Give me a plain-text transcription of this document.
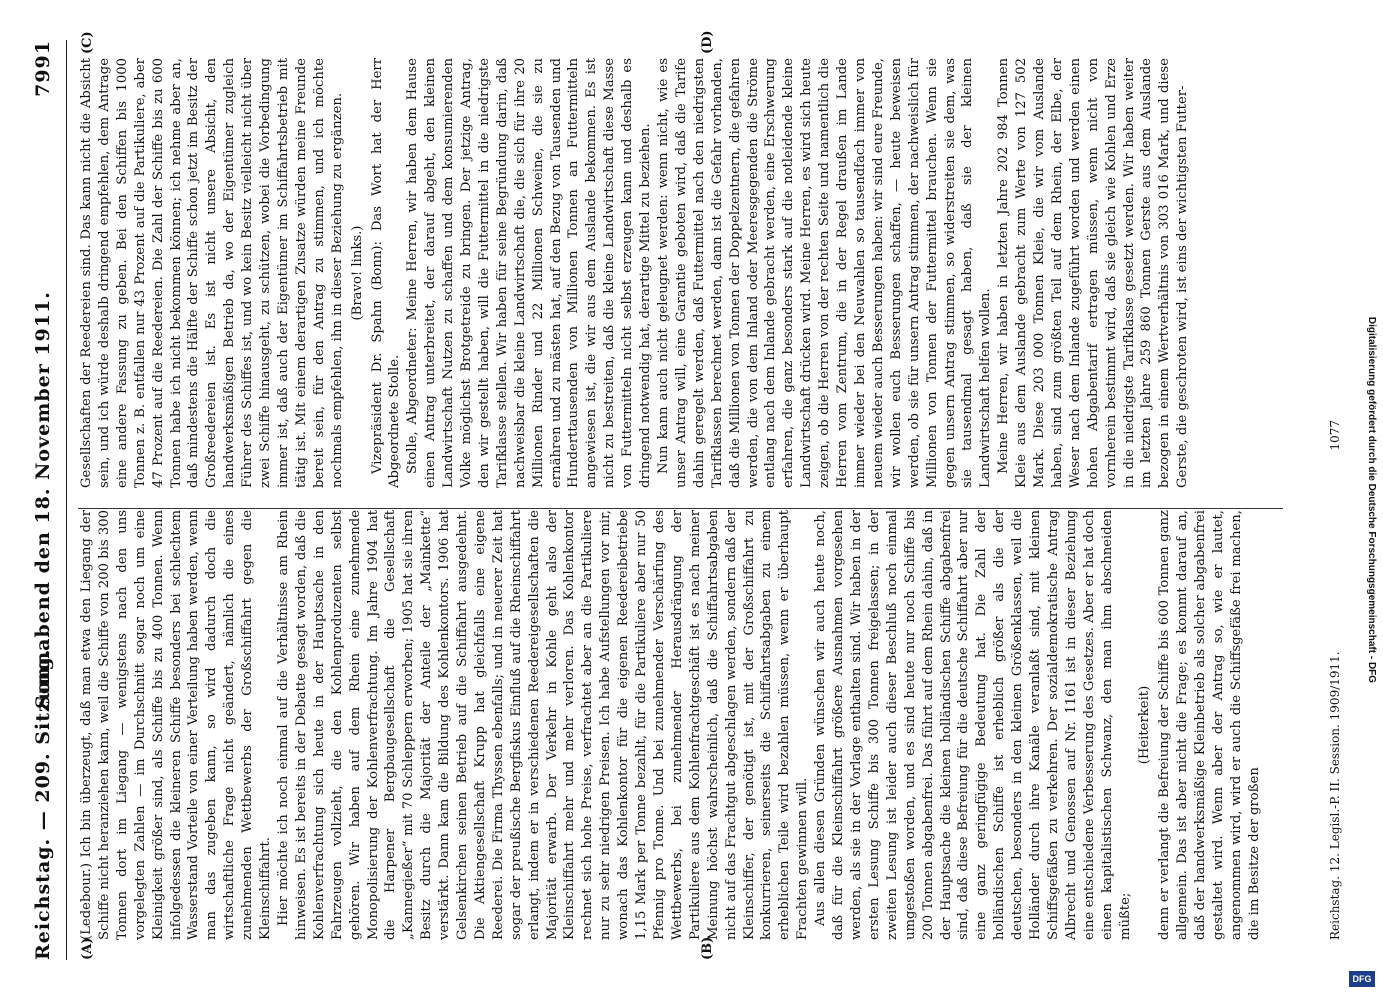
Reichstag. — 209. Sitzung.
Sonnabend den 18. November 1911.
7991
(A)	(B)
(C)	(D)

(Ledebour.) Ich bin überzeugt, daß man etwa den Liegang der Schiffe nicht heranziehen kann, weil die Schiffe von 200 bis 300 Tonnen dort im Liegang — wenigstens nach den uns vorgelegten Zahlen — im Durchschnitt sogar noch um eine Kleinigkeit größer sind, als Schiffe bis zu 400 Tonnen. Wenn infolgedessen die kleineren Schiffe besonders bei schlechtem Wasserstand Vorteile von einer Verteilung haben werden, wenn man das zugeben kann, so wird dadurch doch die wirtschaftliche Frage nicht geändert, nämlich die eines zunehmenden Wettbewerbs der Großschiffahrt gegen die Kleinschiffahrt. Hier möchte ich noch einmal auf die Verhältnisse am Rhein hinweisen. Es ist bereits in der Debatte gesagt worden, daß die Kohlenverfrachtung sich heute in der Hauptsache in den Fahrzeugen vollzieht, die den Kohlenproduzenten selbst gehören. Wir haben auf dem Rhein eine zunehmende Monopolisierung der Kohlenverfrachtung. Im Jahre 1904 hat die Harpener Bergbaugesellschaft die Gesellschaft „Kannegießer“ mit 70 Schleppern erworben; 1905 hat sie ihren Besitz durch die Majorität der Anteile der „Mainkette“ verstärkt. Dann kam die Bildung des Kohlenkontors. 1906 hat Gelsenkirchen seinen Betrieb auf die Schiffahrt ausgedehnt. Die Aktiengesellschaft Krupp hat gleichfalls eine eigene Reederei. Die Firma Thyssen ebenfalls; und in neuerer Zeit hat sogar der preußische Bergfiskus Einfluß auf die Rheinschiffahrt erlangt, indem er in verschiedenen Reedereigesellschaften die Majorität erwarb. Der Verkehr in Kohle geht also der Kleinschiffahrt mehr und mehr verloren. Das Kohlenkontor rechnet sich hohe Preise, verfrachtet aber an die Partikuliere nur zu sehr niedrigen Preisen. Ich habe Aufstellungen vor mir, wonach das Kohlenkontor für die eigenen Reedereibetriebe 1,15 Mark per Tonne bezahlt, für die Partikuliere aber nur 50 Pfennig pro Tonne. Und bei zunehmender Verschärfung des Wettbewerbs, bei zunehmender Herausdrängung der Partikuliere aus dem Kohlenfrachtgeschäft ist es nach meiner Meinung höchst wahrscheinlich, daß die Schiffahrtsabgaben nicht auf das Frachtgut abgeschlagen werden, sondern daß der Kleinschiffer, der genötigt ist, mit der Großschiffahrt zu konkurrieren, seinerseits die Schiffahrtsabgaben zu einem erheblichen Teile wird bezahlen müssen, wenn er überhaupt Frachten gewinnen will. Aus allen diesen Gründen wünschen wir auch heute noch, daß für die Kleinschiffahrt größere Ausnahmen vorgesehen werden, als sie in der Vorlage enthalten sind. Wir haben in der ersten Lesung Schiffe bis 300 Tonnen freigelassen; in der zweiten Lesung ist leider auch dieser Beschluß noch einmal umgestoßen worden, und es sind heute nur noch Schiffe bis 200 Tonnen abgabenfrei. Das führt auf dem Rhein dahin, daß in der Hauptsache die kleinen holländischen Schiffe abgabenfrei sind, daß diese Befreiung für die deutsche Schiffahrt aber nur eine ganz geringfügige Bedeutung hat. Die Zahl der holländischen Schiffe ist erheblich größer als die der deutschen, besonders in den kleinen Größenklassen, weil die Holländer durch ihre Kanäle veranlaßt sind, mit kleinen Schiffsgefäßen zu verkehren. Der sozialdemokratische Antrag Albrecht und Genossen auf Nr. 1161 ist in dieser Beziehung eine entschiedene Verbesserung des Gesetzes. Aber er hat doch einen kapitalistischen Schwanz, den man ihm abschneiden müßte;

(Heiterkeit) denn er verlangt die Befreiung der Schiffe bis 600 Tonnen ganz allgemein. Das ist aber nicht die Frage; es kommt darauf an, daß der handwerksmäßige Kleinbetrieb als solcher abgabenfrei gestaltet wird. Wenn aber der Antrag so, wie er lautet, angenommen wird, wird er auch die Schiffsgefäße frei machen, die im Besitze der großen

Gesellschaften der Reedereien sind. Das kann nicht die Absicht sein, und ich würde deshalb dringend empfehlen, dem Antrage eine andere Fassung zu geben. Bei den Schiffen bis 1000 Tonnen z. B. entfallen nur 43 Prozent auf die Partikuliere, aber 47 Prozent auf die Reedereien. Die Zahl der Schiffe bis zu 600 Tonnen habe ich nicht bekommen können; ich nehme aber an, daß mindestens die Hälfte der Schiffe schon jetzt im Besitz der Großreedereien ist. Es ist nicht unsere Absicht, den handwerksmäßigen Betrieb da, wo der Eigentümer zugleich Führer des Schiffes ist, und wo kein Besitz vielleicht nicht über zwei Schiffe hinausgeht, zu schützen, wobei die Vorbedingung immer ist, daß auch der Eigentümer im Schiffahrtsbetrieb mit tätig ist. Mit einem derartigen Zusatze würden meine Freunde bereit sein, für den Antrag zu stimmen, und ich möchte nochmals empfehlen, ihn in dieser Beziehung zu ergänzen. (Bravo! links.) Vizepräsident Dr. Spahn (Bonn): Das Wort hat der Herr Abgeordnete Stolle. Stolle, Abgeordneter: Meine Herren, wir haben dem Hause einen Antrag unterbreitet, der darauf abgeht, den kleinen Landwirtschaft Nutzen zu schaffen und dem konsumierenden Volke möglichst Brotgetreide zu bringen. Der jetzige Antrag, den wir gestellt haben, will die Futtermittel in die niedrigste Tarifklasse stellen. Wir haben für seine Begründung darin, daß nachweisbar die kleine Landwirtschaft die, die sich für ihre 20 Millionen Rinder und 22 Millionen Schweine, die sie zu ernähren und zu mästen hat, auf den Bezug von Tausenden und Hunderttausenden von Millionen Tonnen an Futtermitteln angewiesen ist, die wir aus dem Auslande bekommen. Es ist nicht zu bestreiten, daß die kleine Landwirtschaft diese Masse von Futtermitteln nicht selbst erzeugen kann und deshalb es dringend notwendig hat, derartige Mittel zu beziehen. Nun kann auch nicht geleugnet werden: wenn nicht, wie es unser Antrag will, eine Garantie geboten wird, daß die Tarife dahin geregelt werden, daß Futtermittel nach den niedrigsten Tarifklassen berechnet werden, dann ist die Gefahr vorhanden, daß die Millionen von Tonnen der Doppelzentnern, die gefahren werden, die von dem Inland oder Meeresgegenden die Ströme entlang nach dem Inlande gebracht werden, eine Erschwerung erfahren, die ganz besonders stark auf die notleidende kleine Landwirtschaft drücken wird. Meine Herren, es wird sich heute zeigen, ob die Herren von der rechten Seite und namentlich die Herren vom Zentrum, die in der Regel draußen im Lande immer wieder bei den Neuwahlen so tausendfach immer von neuem wieder auch Besserungen haben: wir sind eure Freunde, wir wollen euch Besserungen schaffen, — heute beweisen werden, ob sie für unsern Antrag stimmen, der nachweislich für Millionen von Tonnen der Futtermittel brauchen. Wenn sie gegen unsern Antrag stimmen, so widerstreiten sie dem, was sie tausendmal gesagt haben, daß sie der kleinen Landwirtschaft helfen wollen. Meine Herren, wir haben in letzten Jahre 202 984 Tonnen Kleie aus dem Auslande gebracht zum Werte von 127 502 Mark. Diese 203 000 Tonnen Kleie, die wir vom Auslande haben, sind zum größten Teil auf dem Rhein, der Elbe, der Weser nach dem Inlande zugeführt worden und werden einen hohen Abgabentarif ertragen müssen, wenn nicht von vornherein bestimmt wird, daß sie gleich wie Kohlen und Erze in die niedrigste Tarifklasse gesetzt werden. Wir haben weiter im letzten Jahre 259 860 Tonnen Gerste aus dem Auslande bezogen in einem Wertverhältnis von 303 016 Mark, und diese Gerste, die geschroten wird, ist eins der wichtigsten Futter-

Reichstag. 12. Legisl.-P. II. Session. 1909/1911.
1077
DFG
Digitalisierung gefördert durch die Deutsche Forschungsgemeinschaft - DFG
